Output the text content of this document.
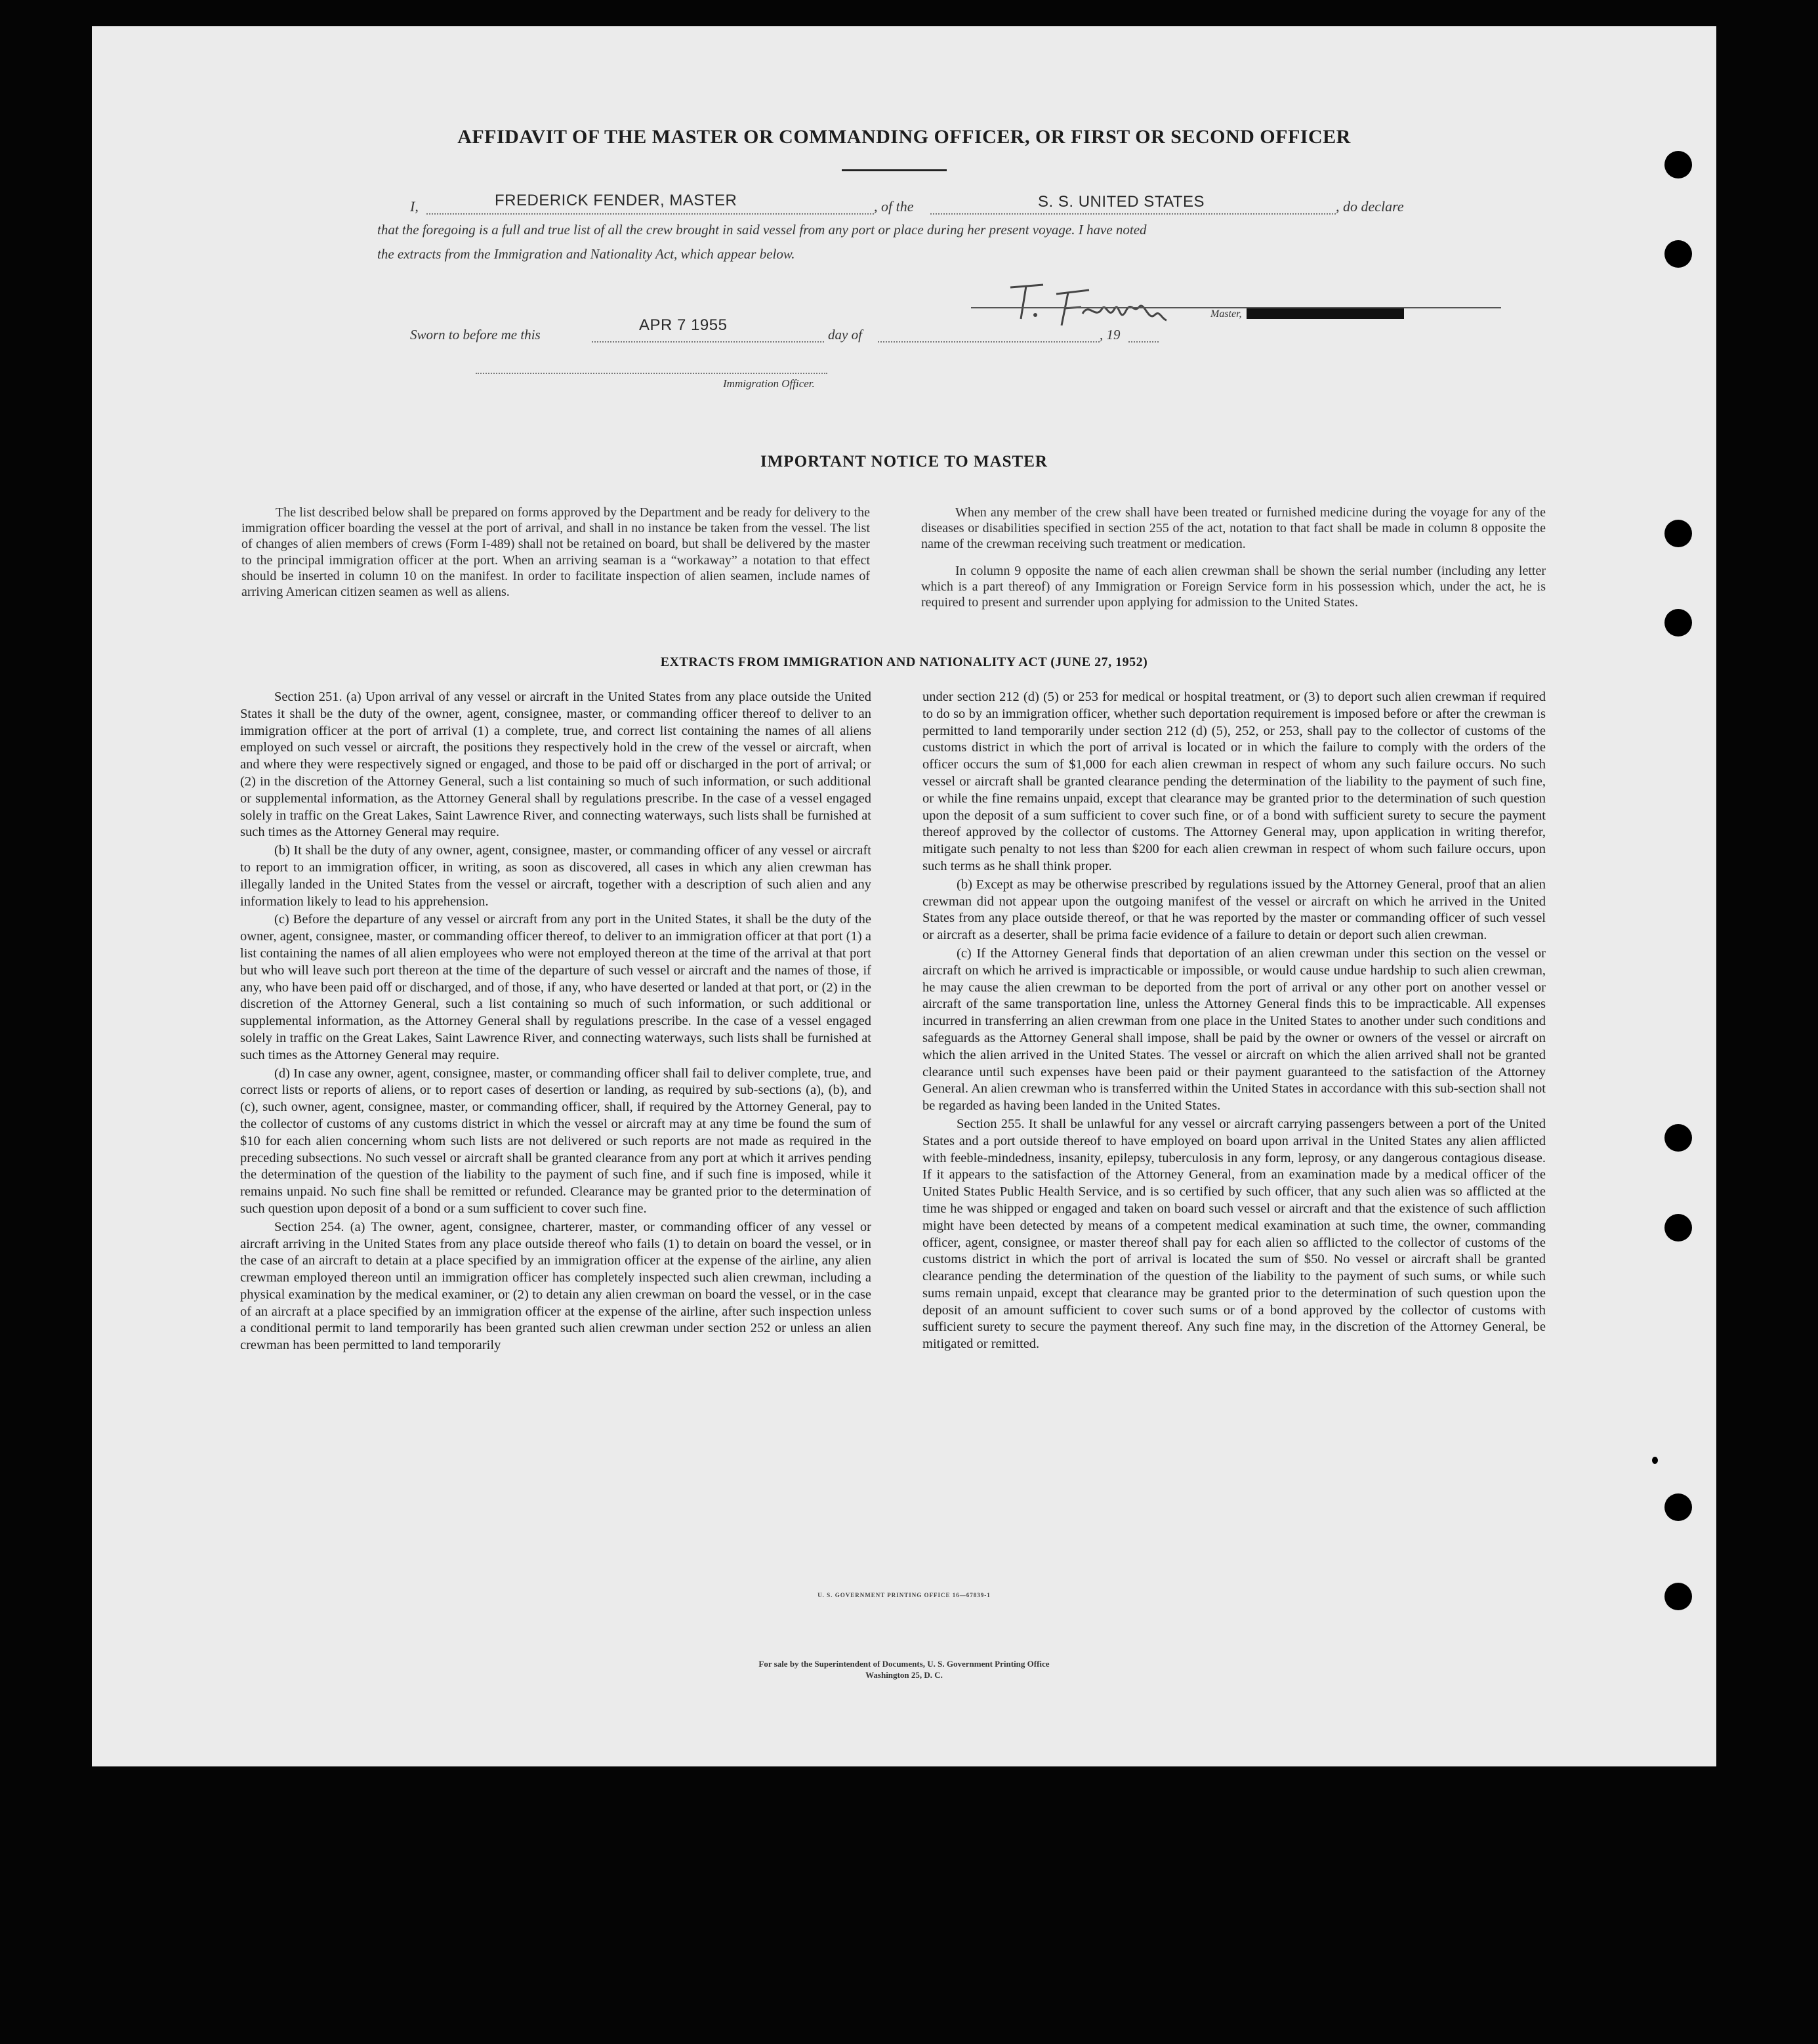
AFFIDAVIT OF THE MASTER OR COMMANDING OFFICER, OR FIRST OR SECOND OFFICER
I,	FREDERICK FENDER, MASTER	, of the	S. S. UNITED STATES	, do declare
that the foregoing is a full and true list of all the crew brought in said vessel from any port or place during her present voyage. I have noted
the extracts from the Immigration and Nationality Act, which appear below.
Master,
Sworn to before me this
APR 7 1955
day of	, 19
Immigration Officer.
IMPORTANT NOTICE TO MASTER

The list described below shall be prepared on forms approved by the Department and be ready for delivery to the immigration officer boarding the vessel at the port of arrival, and shall in no instance be taken from the vessel. The list of changes of alien members of crews (Form I-489) shall not be retained on board, but shall be delivered by the master to the principal immigration officer at the port. When an arriving seaman is a “workaway” a notation to that effect should be inserted in column 10 on the manifest. In order to facilitate inspection of alien seamen, include names of arriving American citizen seamen as well as aliens.

When any member of the crew shall have been treated or furnished medicine during the voyage for any of the diseases or disabilities specified in section 255 of the act, notation to that fact shall be made in column 8 opposite the name of the crewman receiving such treatment or medication.

In column 9 opposite the name of each alien crewman shall be shown the serial number (including any letter which is a part thereof) of any Immigration or Foreign Service form in his possession which, under the act, he is required to present and surrender upon applying for admission to the United States.

EXTRACTS FROM IMMIGRATION AND NATIONALITY ACT (JUNE 27, 1952)

Section 251. (a) Upon arrival of any vessel or aircraft in the United States from any place outside the United States it shall be the duty of the owner, agent, consignee, master, or commanding officer thereof to deliver to an immigration officer at the port of arrival (1) a complete, true, and correct list containing the names of all aliens employed on such vessel or aircraft, the positions they respectively hold in the crew of the vessel or aircraft, when and where they were respectively signed or engaged, and those to be paid off or discharged in the port of arrival; or (2) in the discretion of the Attorney General, such a list containing so much of such information, or such additional or supplemental information, as the Attorney General shall by regulations prescribe. In the case of a vessel engaged solely in traffic on the Great Lakes, Saint Lawrence River, and connecting waterways, such lists shall be furnished at such times as the Attorney General may require.

(b) It shall be the duty of any owner, agent, consignee, master, or commanding officer of any vessel or aircraft to report to an immigration officer, in writing, as soon as discovered, all cases in which any alien crewman has illegally landed in the United States from the vessel or aircraft, together with a description of such alien and any information likely to lead to his apprehension.

(c) Before the departure of any vessel or aircraft from any port in the United States, it shall be the duty of the owner, agent, consignee, master, or commanding officer thereof, to deliver to an immigration officer at that port (1) a list containing the names of all alien employees who were not employed thereon at the time of the arrival at that port but who will leave such port thereon at the time of the departure of such vessel or aircraft and the names of those, if any, who have been paid off or discharged, and of those, if any, who have deserted or landed at that port, or (2) in the discretion of the Attorney General, such a list containing so much of such information, or such additional or supplemental information, as the Attorney General shall by regulations prescribe. In the case of a vessel engaged solely in traffic on the Great Lakes, Saint Lawrence River, and connecting waterways, such lists shall be furnished at such times as the Attorney General may require.

(d) In case any owner, agent, consignee, master, or commanding officer shall fail to deliver complete, true, and correct lists or reports of aliens, or to report cases of desertion or landing, as required by sub-sections (a), (b), and (c), such owner, agent, consignee, master, or commanding officer, shall, if required by the Attorney General, pay to the collector of customs of any customs district in which the vessel or aircraft may at any time be found the sum of $10 for each alien concerning whom such lists are not delivered or such reports are not made as required in the preceding subsections. No such vessel or aircraft shall be granted clearance from any port at which it arrives pending the determination of the question of the liability to the payment of such fine, and if such fine is imposed, while it remains unpaid. No such fine shall be remitted or refunded. Clearance may be granted prior to the determination of such question upon deposit of a bond or a sum sufficient to cover such fine.

Section 254. (a) The owner, agent, consignee, charterer, master, or commanding officer of any vessel or aircraft arriving in the United States from any place outside thereof who fails (1) to detain on board the vessel, or in the case of an aircraft to detain at a place specified by an immigration officer at the expense of the airline, any alien crewman employed thereon until an immigration officer has completely inspected such alien crewman, including a physical examination by the medical examiner, or (2) to detain any alien crewman on board the vessel, or in the case of an aircraft at a place specified by an immigration officer at the expense of the airline, after such inspection unless a conditional permit to land temporarily has been granted such alien crewman under section 252 or unless an alien crewman has been permitted to land temporarily

under section 212 (d) (5) or 253 for medical or hospital treatment, or (3) to deport such alien crewman if required to do so by an immigration officer, whether such deportation requirement is imposed before or after the crewman is permitted to land temporarily under section 212 (d) (5), 252, or 253, shall pay to the collector of customs of the customs district in which the port of arrival is located or in which the failure to comply with the orders of the officer occurs the sum of $1,000 for each alien crewman in respect of whom any such failure occurs. No such vessel or aircraft shall be granted clearance pending the determination of the liability to the payment of such fine, or while the fine remains unpaid, except that clearance may be granted prior to the determination of such question upon the deposit of a sum sufficient to cover such fine, or of a bond with sufficient surety to secure the payment thereof approved by the collector of customs. The Attorney General may, upon application in writing therefor, mitigate such penalty to not less than $200 for each alien crewman in respect of whom such failure occurs, upon such terms as he shall think proper.

(b) Except as may be otherwise prescribed by regulations issued by the Attorney General, proof that an alien crewman did not appear upon the outgoing manifest of the vessel or aircraft on which he arrived in the United States from any place outside thereof, or that he was reported by the master or commanding officer of such vessel or aircraft as a deserter, shall be prima facie evidence of a failure to detain or deport such alien crewman.

(c) If the Attorney General finds that deportation of an alien crewman under this section on the vessel or aircraft on which he arrived is impracticable or impossible, or would cause undue hardship to such alien crewman, he may cause the alien crewman to be deported from the port of arrival or any other port on another vessel or aircraft of the same transportation line, unless the Attorney General finds this to be impracticable. All expenses incurred in transferring an alien crewman from one place in the United States to another under such conditions and safeguards as the Attorney General shall impose, shall be paid by the owner or owners of the vessel or aircraft on which the alien arrived in the United States. The vessel or aircraft on which the alien arrived shall not be granted clearance until such expenses have been paid or their payment guaranteed to the satisfaction of the Attorney General. An alien crewman who is transferred within the United States in accordance with this sub-section shall not be regarded as having been landed in the United States.

Section 255. It shall be unlawful for any vessel or aircraft carrying passengers between a port of the United States and a port outside thereof to have employed on board upon arrival in the United States any alien afflicted with feeble-mindedness, insanity, epilepsy, tuberculosis in any form, leprosy, or any dangerous contagious disease. If it appears to the satisfaction of the Attorney General, from an examination made by a medical officer of the United States Public Health Service, and is so certified by such officer, that any such alien was so afflicted at the time he was shipped or engaged and taken on board such vessel or aircraft and that the existence of such affliction might have been detected by means of a competent medical examination at such time, the owner, commanding officer, agent, consignee, or master thereof shall pay for each alien so afflicted to the collector of customs of the customs district in which the port of arrival is located the sum of $50. No vessel or aircraft shall be granted clearance pending the determination of the question of the liability to the payment of such sums, or while such sums remain unpaid, except that clearance may be granted prior to the determination of such question upon the deposit of an amount sufficient to cover such sums or of a bond approved by the collector of customs with sufficient surety to secure the payment thereof. Any such fine may, in the discretion of the Attorney General, be mitigated or remitted.

U. S. GOVERNMENT PRINTING OFFICE 16—67839-1
For sale by the Superintendent of Documents, U. S. Government Printing Office
Washington 25, D. C.
